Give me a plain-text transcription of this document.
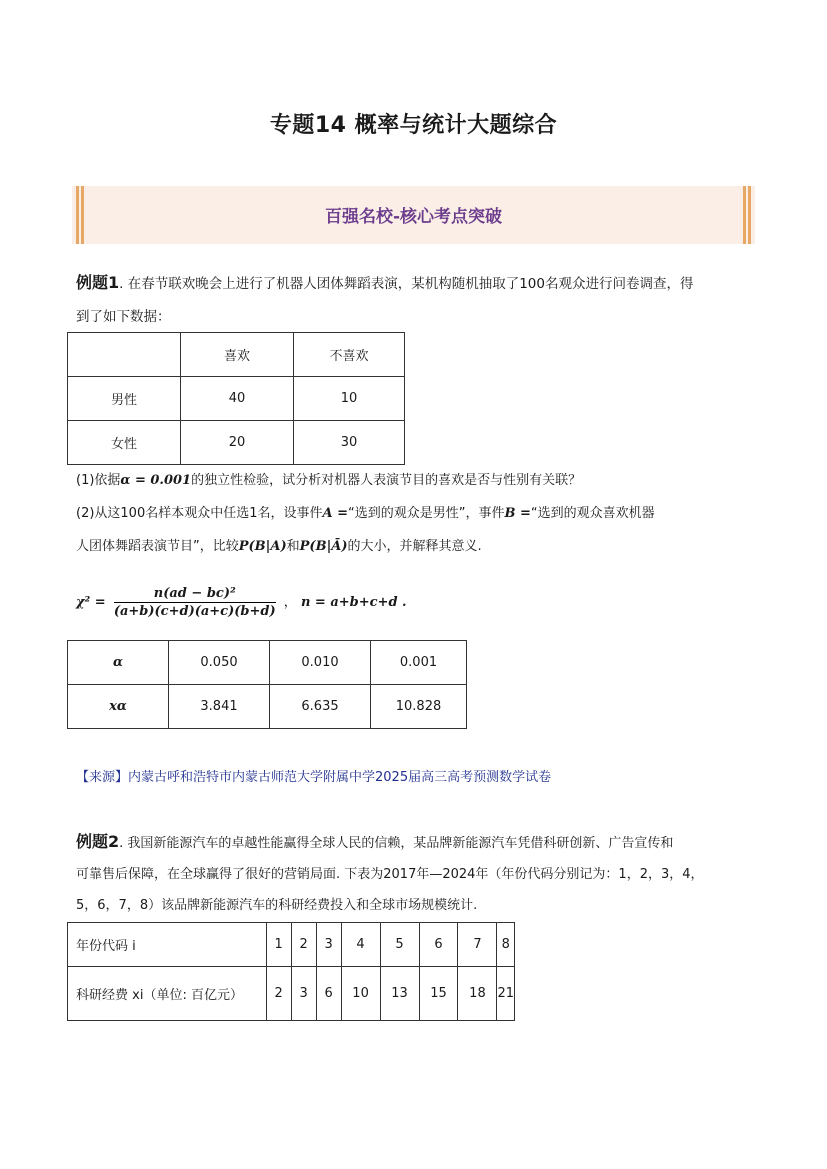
专题14 概率与统计大题综合
百强名校-核心考点突破
例题1. 在春节联欢晚会上进行了机器人团体舞蹈表演，某机构随机抽取了100名观众进行问卷调查，得
到了如下数据：
	喜欢	不喜欢
男性	40	10
女性	20	30
(1)依据α = 0.001的独立性检验，试分析对机器人表演节目的喜欢是否与性别有关联？
(2)从这100名样本观众中任选1名，设事件A =“选到的观众是男性”，事件B =“选到的观众喜欢机器
人团体舞蹈表演节目”，比较P(B|A)和P(B|Ā)的大小，并解释其意义.
$\chi^2 = \frac{\text{n(ad − bc)²}}{(a+b)(c+d)(a+c)(b+d)}$ ， n = a+b+c+d .
α	0.050	0.010	0.001
xα	3.841	6.635	10.828
【来源】内蒙古呼和浩特市内蒙古师范大学附属中学2025届高三高考预测数学试卷
例题2. 我国新能源汽车的卓越性能赢得全球人民的信赖，某品牌新能源汽车凭借科研创新、广告宣传和
可靠售后保障，在全球赢得了很好的营销局面. 下表为2017年—2024年（年份代码分别记为：1，2，3，4，
5，6，7，8）该品牌新能源汽车的科研经费投入和全球市场规模统计.
年份代码 i	1	2	3	4	5	6	7	8
科研经费 xi（单位: 百亿元）	2	3	6	10	13	15	18	21
